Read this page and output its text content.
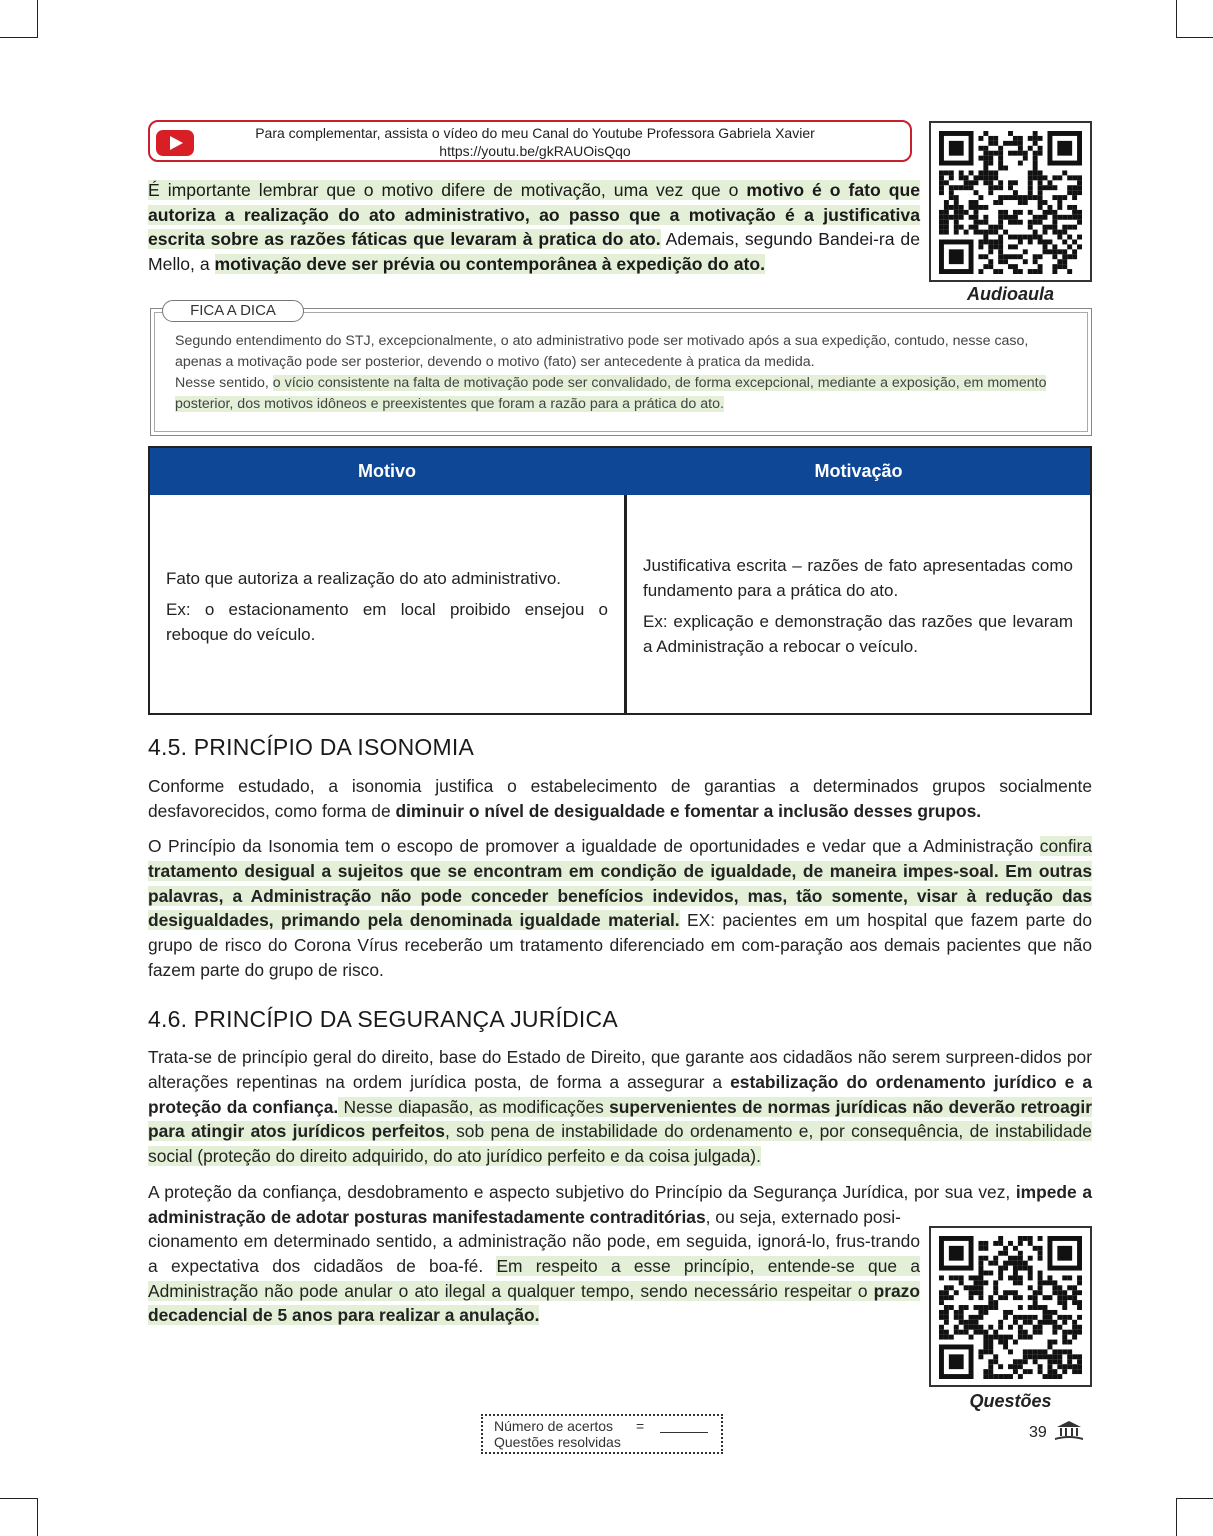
Para complementar, assista o vídeo do meu Canal do Youtube Professora Gabriela Xavier
https://youtu.be/gkRAUOisQqo
Audioaula
É importante lembrar que o motivo difere de motivação, uma vez que o motivo é o fato que autoriza a realização do ato administrativo, ao passo que a motivação é a justificativa escrita sobre as razões fáticas que levaram à pratica do ato. Ademais, segundo Bandei-ra de Mello, a motivação deve ser prévia ou contemporânea à expedição do ato.
FICA A DICA
Segundo entendimento do STJ, excepcionalmente, o ato administrativo pode ser motivado após a sua expedição, contudo, nesse caso, apenas a motivação pode ser posterior, devendo o motivo (fato) ser antecedente à pratica da medida.
Nesse sentido, o vício consistente na falta de motivação pode ser convalidado, de forma excepcional, mediante a exposição, em momento posterior, dos motivos idôneos e preexistentes que foram a razão para a prática do ato.
Motivo	Motivação

Fato que autoriza a realização do ato administrativo.

Ex: o estacionamento em local proibido ensejou o reboque do veículo.

Justificativa escrita – razões de fato apresentadas como fundamento para a prática do ato.

Ex: explicação e demonstração das razões que levaram a Administração a rebocar o veículo.

4.5. PRINCÍPIO DA ISONOMIA
Conforme estudado, a isonomia justifica o estabelecimento de garantias a determinados grupos socialmente desfavorecidos, como forma de diminuir o nível de desigualdade e fomentar a inclusão desses grupos.
O Princípio da Isonomia tem o escopo de promover a igualdade de oportunidades e vedar que a Administração confira tratamento desigual a sujeitos que se encontram em condição de igualdade, de maneira impes-soal. Em outras palavras, a Administração não pode conceder benefícios indevidos, mas, tão somente, visar à redução das desigualdades, primando pela denominada igualdade material. EX: pacientes em um hospital que fazem parte do grupo de risco do Corona Vírus receberão um tratamento diferenciado em com-paração aos demais pacientes que não fazem parte do grupo de risco.
4.6. PRINCÍPIO DA SEGURANÇA JURÍDICA
Trata-se de princípio geral do direito, base do Estado de Direito, que garante aos cidadãos não serem surpreen-didos por alterações repentinas na ordem jurídica posta, de forma a assegurar a estabilização do ordenamento jurídico e a proteção da confiança. Nesse diapasão, as modificações supervenientes de normas jurídicas não deverão retroagir para atingir atos jurídicos perfeitos, sob pena de instabilidade do ordenamento e, por consequência, de instabilidade social (proteção do direito adquirido, do ato jurídico perfeito e da coisa julgada).
A proteção da confiança, desdobramento e aspecto subjetivo do Princípio da Segurança Jurídica, por sua vez, impede a administração de adotar posturas manifestadamente contraditórias, ou seja, externado posi-
cionamento em determinado sentido, a administração não pode, em seguida, ignorá-lo, frus-trando a expectativa dos cidadãos de boa-fé. Em respeito a esse princípio, entende-se que a Administração não pode anular o ato ilegal a qualquer tempo, sendo necessário respeitar o prazo decadencial de 5 anos para realizar a anulação.
Questões
Número de acertos
Questões resolvidas
=	39
